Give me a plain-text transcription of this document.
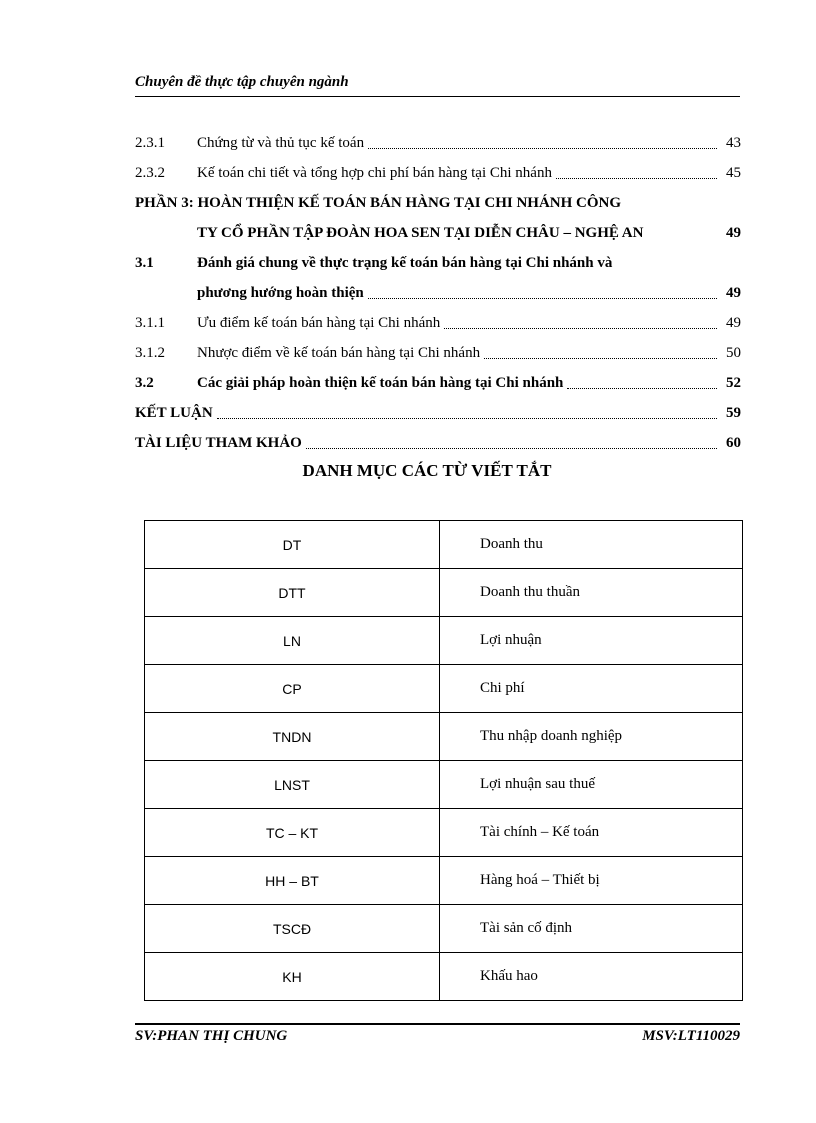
Chuyên đề thực tập chuyên ngành
2.3.1	Chứng từ và thủ tục kế toán	43
2.3.2	Kế toán chi tiết và tổng hợp chi phí bán hàng tại Chi nhánh	45
PHẦN 3: HOÀN THIỆN KẾ TOÁN BÁN HÀNG TẠI CHI NHÁNH CÔNG
TY CỔ PHẦN TẬP ĐOÀN HOA SEN TẠI DIỄN CHÂU – NGHỆ AN	49
3.1	Đánh giá chung về thực trạng kế toán bán hàng tại Chi nhánh và
phương hướng hoàn thiện	49
3.1.1	Ưu điểm kế toán bán hàng tại Chi nhánh	49
3.1.2	Nhược điểm về kế toán bán hàng tại Chi nhánh	50
3.2	Các giải pháp hoàn thiện kế toán bán hàng tại Chi nhánh	52
KẾT LUẬN	59
TÀI LIỆU THAM KHẢO	60
DANH MỤC CÁC TỪ VIẾT TẮT
DT	Doanh thu
DTT	Doanh thu thuần
LN	Lợi nhuận
CP	Chi phí
TNDN	Thu nhập doanh nghiệp
LNST	Lợi nhuận sau thuế
TC – KT	Tài chính – Kế toán
HH – BT	Hàng hoá – Thiết bị
TSCĐ	Tài sản cố định
KH	Khấu hao
SV:PHAN THỊ CHUNG	MSV:LT110029
